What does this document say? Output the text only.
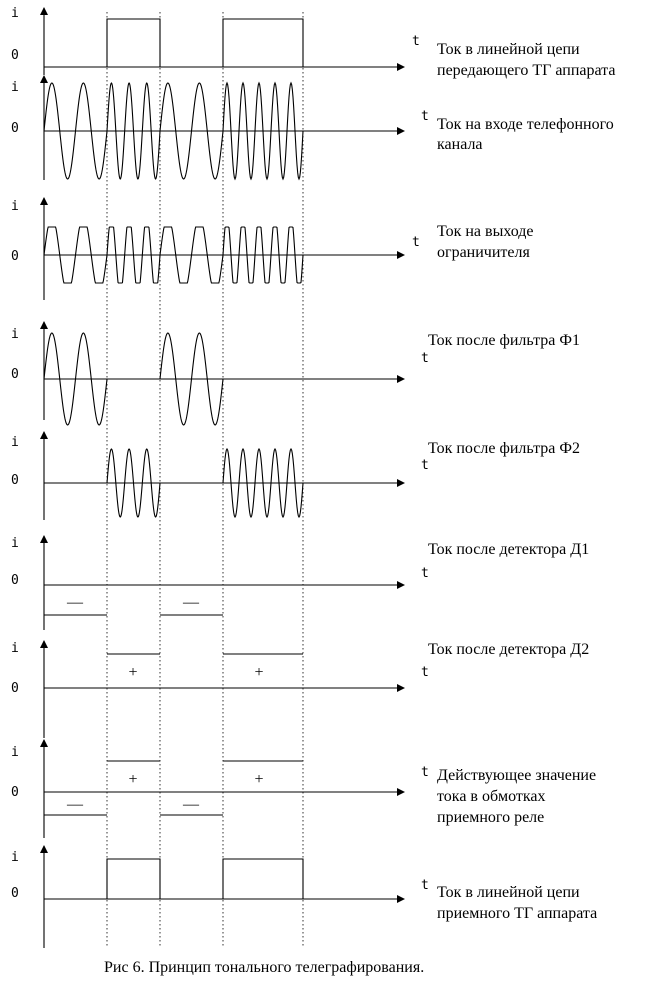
i
0
t Ток в линейной цепи
передающего ТГ аппарата
i
0
t Ток на входе телефонного
канала
i
0
t
Ток на выходе
ограничителя
i
0
t
Ток после фильтра Ф1
i
0
t
Ток после фильтра Ф2
i
0	t
—	—
Ток после детектора Д1
i
0
t
+	+
Ток после детектора Д2
i
0
t
+	+
—	—
Действующее значение
тока в обмотках
приемного реле
i
0
t Ток в линейной цепи
приемного ТГ аппарата
Рис 6. Принцип тонального телеграфирования.
